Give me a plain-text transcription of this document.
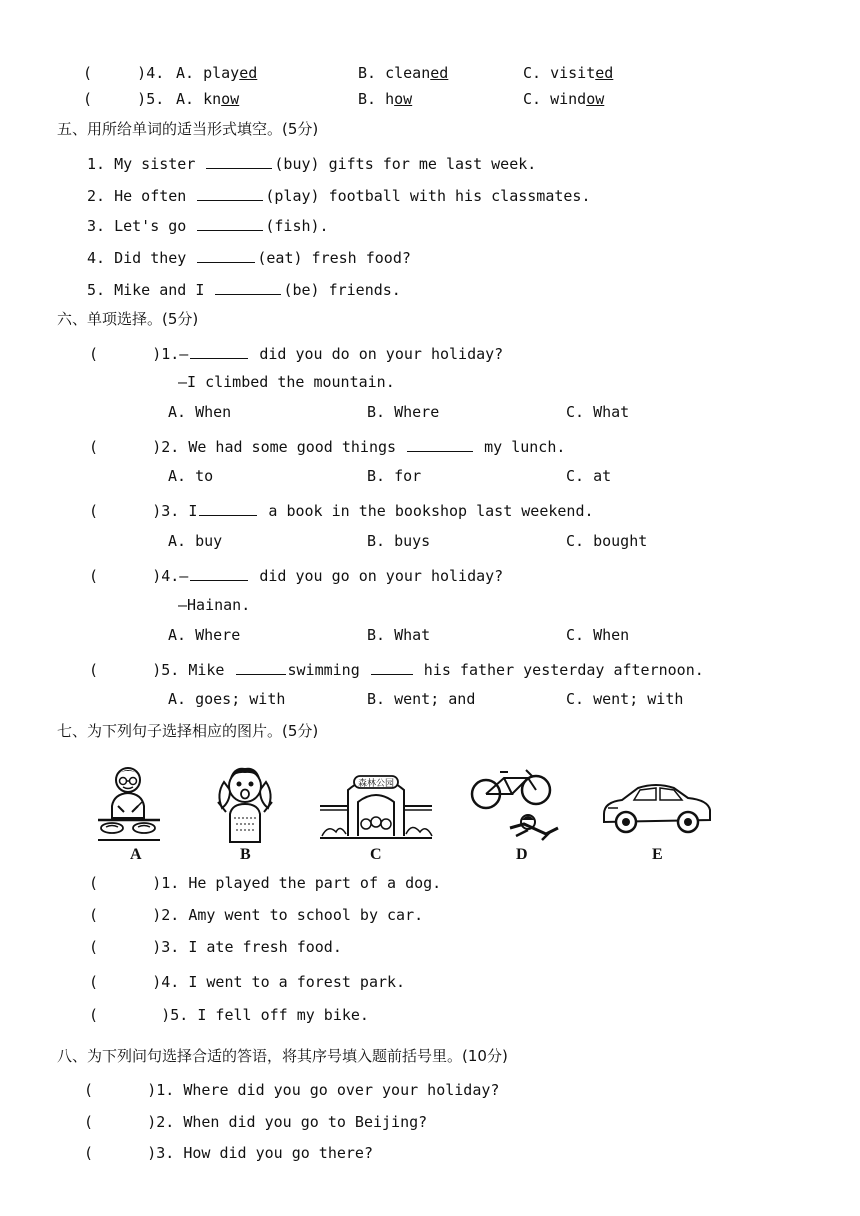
(     )4. A. played	B. cleaned	C. visited
(     )5. A. know	B. how	C. window
五、用所给单词的适当形式填空。(5分)
1. My sister	(buy) gifts for me last week.
2. He often	(play) football with his classmates.
3. Let's go	(fish).
4. Did they	(eat) fresh food?
5. Mike and I	(be) friends.
六、单项选择。(5分)
(      )1.—	did you do on your holiday?
—I climbed the mountain.
A. When	B. Where	C. What
(      )2. We had some good things	my lunch.
A. to	B. for	C. at
(      )3. I	a book in the bookshop last weekend.
A. buy	B. buys	C. bought
(      )4.—	did you go on your holiday?
—Hainan.
A. Where	B. What	C. When
(      )5. Mike	swimming	his father yesterday afternoon.
A. goes; with	B. went; and	C. went; with
七、为下列句子选择相应的图片。(5分)
A	B
森林公园
C	D	E
(      )1. He played the part of a dog.
(      )2. Amy went to school by car.
(      )3. I ate fresh food.
(      )4. I went to a forest park.
(       )5. I fell off my bike.
八、为下列问句选择合适的答语，将其序号填入题前括号里。(10分)
(      )1. Where did you go over your holiday?
(      )2. When did you go to Beijing?
(      )3. How did you go there?
